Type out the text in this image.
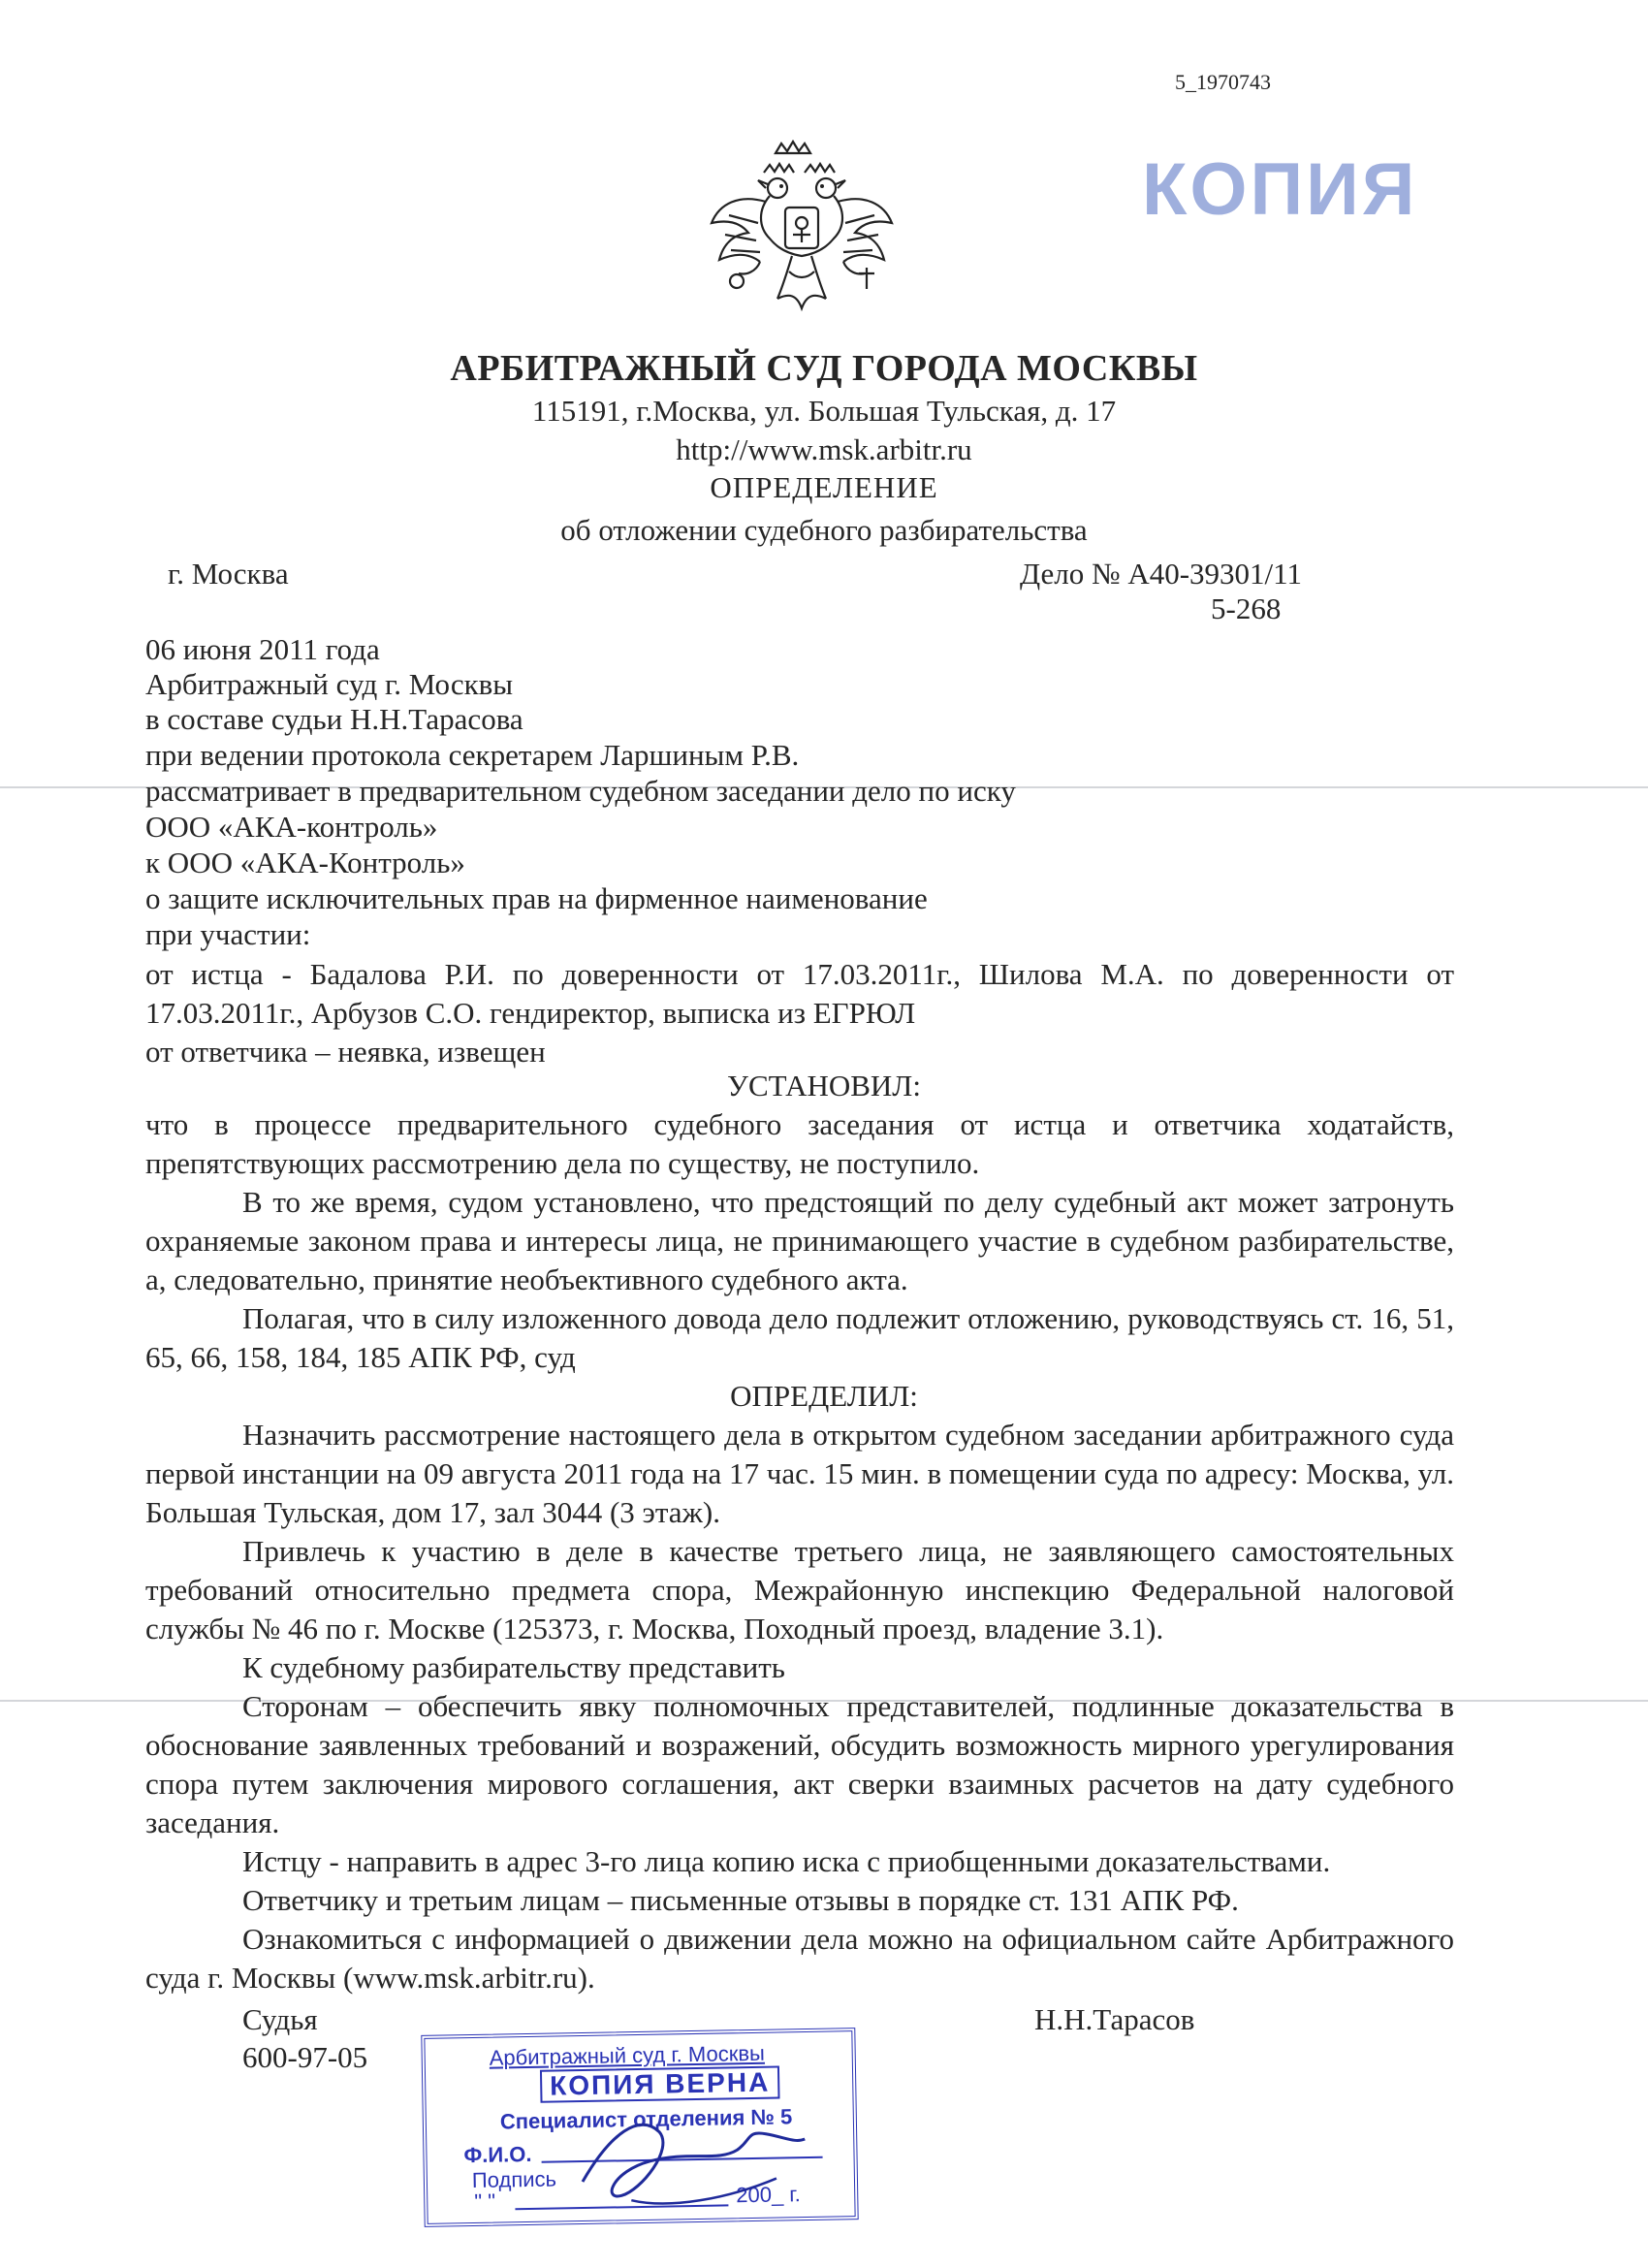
5_1970743
КОПИЯ
АРБИТРАЖНЫЙ СУД ГОРОДА МОСКВЫ
115191, г.Москва, ул. Большая Тульская, д. 17
http://www.msk.arbitr.ru
ОПРЕДЕЛЕНИЕ
об отложении судебного разбирательства
г. Москва	Дело № А40-39301/11
5-268
06 июня 2011 года
Арбитражный суд г. Москвы
в составе судьи Н.Н.Тарасова
при ведении протокола секретарем Ларшиным Р.В.
рассматривает в предварительном судебном заседании дело по иску
ООО «АКА-контроль»
к ООО «АКА-Контроль»
о защите исключительных прав на фирменное наименование
при участии:

от истца - Бадалова Р.И. по доверенности от 17.03.2011г., Шилова М.А. по доверенности от 17.03.2011г., Арбузов С.О. гендиректор, выписка из ЕГРЮЛ

от ответчика – неявка, извещен

УСТАНОВИЛ:

что в процессе предварительного судебного заседания от истца и ответчика ходатайств, препятствующих рассмотрению дела по существу, не поступило.

В то же время, судом установлено, что предстоящий по делу судебный акт может затронуть охраняемые законом права и интересы лица, не принимающего участие в судебном разбирательстве, а, следовательно, принятие необъективного судебного акта.

Полагая, что в силу изложенного довода дело подлежит отложению, руководствуясь ст. 16, 51, 65, 66, 158, 184, 185 АПК РФ, суд

ОПРЕДЕЛИЛ:

Назначить рассмотрение настоящего дела в открытом судебном заседании арбитражного суда первой инстанции на 09 августа 2011 года на 17 час. 15 мин. в помещении суда по адресу: Москва, ул. Большая Тульская, дом 17, зал 3044 (3 этаж).

Привлечь к участию в деле в качестве третьего лица, не заявляющего самостоятельных требований относительно предмета спора, Межрайонную инспекцию Федеральной налоговой службы № 46 по г. Москве (125373, г. Москва, Походный проезд, владение 3.1).

К судебному разбирательству представить

Сторонам – обеспечить явку полномочных представителей, подлинные доказательства в обоснование заявленных требований и возражений, обсудить возможность мирного урегулирования спора путем заключения мирового соглашения, акт сверки взаимных расчетов на дату судебного заседания.

Истцу - направить в адрес 3-го лица копию иска с приобщенными доказательствами.

Ответчику и третьим лицам – письменные отзывы в порядке ст. 131 АПК РФ.

Ознакомиться с информацией о движении дела можно на официальном сайте Арбитражного суда г. Москвы (www.msk.arbitr.ru).

Судья
600-97-05
Н.Н.Тарасов
Арбитражный суд г. Москвы
КОПИЯ ВЕРНА
Специалист отделения № 5
Ф.И.О.
Подпись
" "	200_ г.
